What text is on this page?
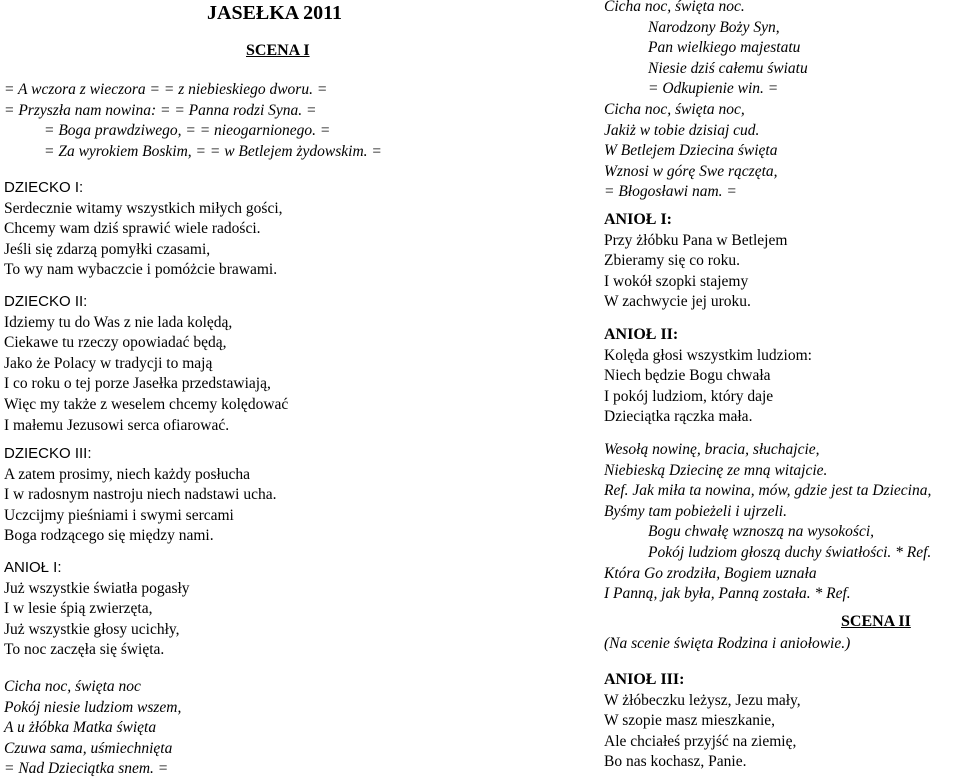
JASEŁKA 2011
SCENA I
= A wczora z wieczora = = z niebieskiego dworu. =
= Przyszła nam nowina: = = Panna rodzi Syna. =
= Boga prawdziwego, = = nieogarnionego. =
= Za wyrokiem Boskim, = = w Betlejem żydowskim. =
DZIECKO I:
Serdecznie witamy wszystkich miłych gości,
Chcemy wam dziś sprawić wiele radości.
Jeśli się zdarzą pomyłki czasami,
To wy nam wybaczcie i pomóżcie brawami.
DZIECKO II:
Idziemy tu do Was z nie lada kolędą,
Ciekawe tu rzeczy opowiadać będą,
Jako że Polacy w tradycji to mają
I co roku o tej porze Jasełka przedstawiają,
Więc my także z weselem chcemy kolędować
I małemu Jezusowi serca ofiarować.
DZIECKO III:
A zatem prosimy, niech każdy posłucha
I w radosnym nastroju niech nadstawi ucha.
Uczcijmy pieśniami i swymi sercami
Boga rodzącego się między nami.
ANIOŁ I:
Już wszystkie światła pogasły
I w lesie śpią zwierzęta,
Już wszystkie głosy ucichły,
To noc zaczęła się święta.
Cicha noc, święta noc
Pokój niesie ludziom wszem,
A u żłóbka Matka święta
Czuwa sama, uśmiechnięta
= Nad Dzieciątka snem. =
Cicha noc, święta noc.
Narodzony Boży Syn,
Pan wielkiego majestatu
Niesie dziś całemu światu
= Odkupienie win. =
Cicha noc, święta noc,
Jakiż w tobie dzisiaj cud.
W Betlejem Dziecina święta
Wznosi w górę Swe rączęta,
= Błogosławi nam. =
ANIOŁ I:
Przy żłóbku Pana w Betlejem
Zbieramy się co roku.
I wokół szopki stajemy
W zachwycie jej uroku.
ANIOŁ II:
Kolęda głosi wszystkim ludziom:
Niech będzie Bogu chwała
I pokój ludziom, który daje
Dzieciątka rączka mała.
Wesołą nowinę, bracia, słuchajcie,
Niebieską Dziecinę ze mną witajcie.
Ref. Jak miła ta nowina, mów, gdzie jest ta Dziecina,
Byśmy tam pobieżeli i ujrzeli.
Bogu chwałę wznoszą na wysokości,
Pokój ludziom głoszą duchy światłości. * Ref.
Która Go zrodziła, Bogiem uznała
I Panną, jak była, Panną została. * Ref.
SCENA II
(Na scenie święta Rodzina i aniołowie.)
ANIOŁ III:
W żłóbeczku leżysz, Jezu mały,
W szopie masz mieszkanie,
Ale chciałeś przyjść na ziemię,
Bo nas kochasz, Panie.
